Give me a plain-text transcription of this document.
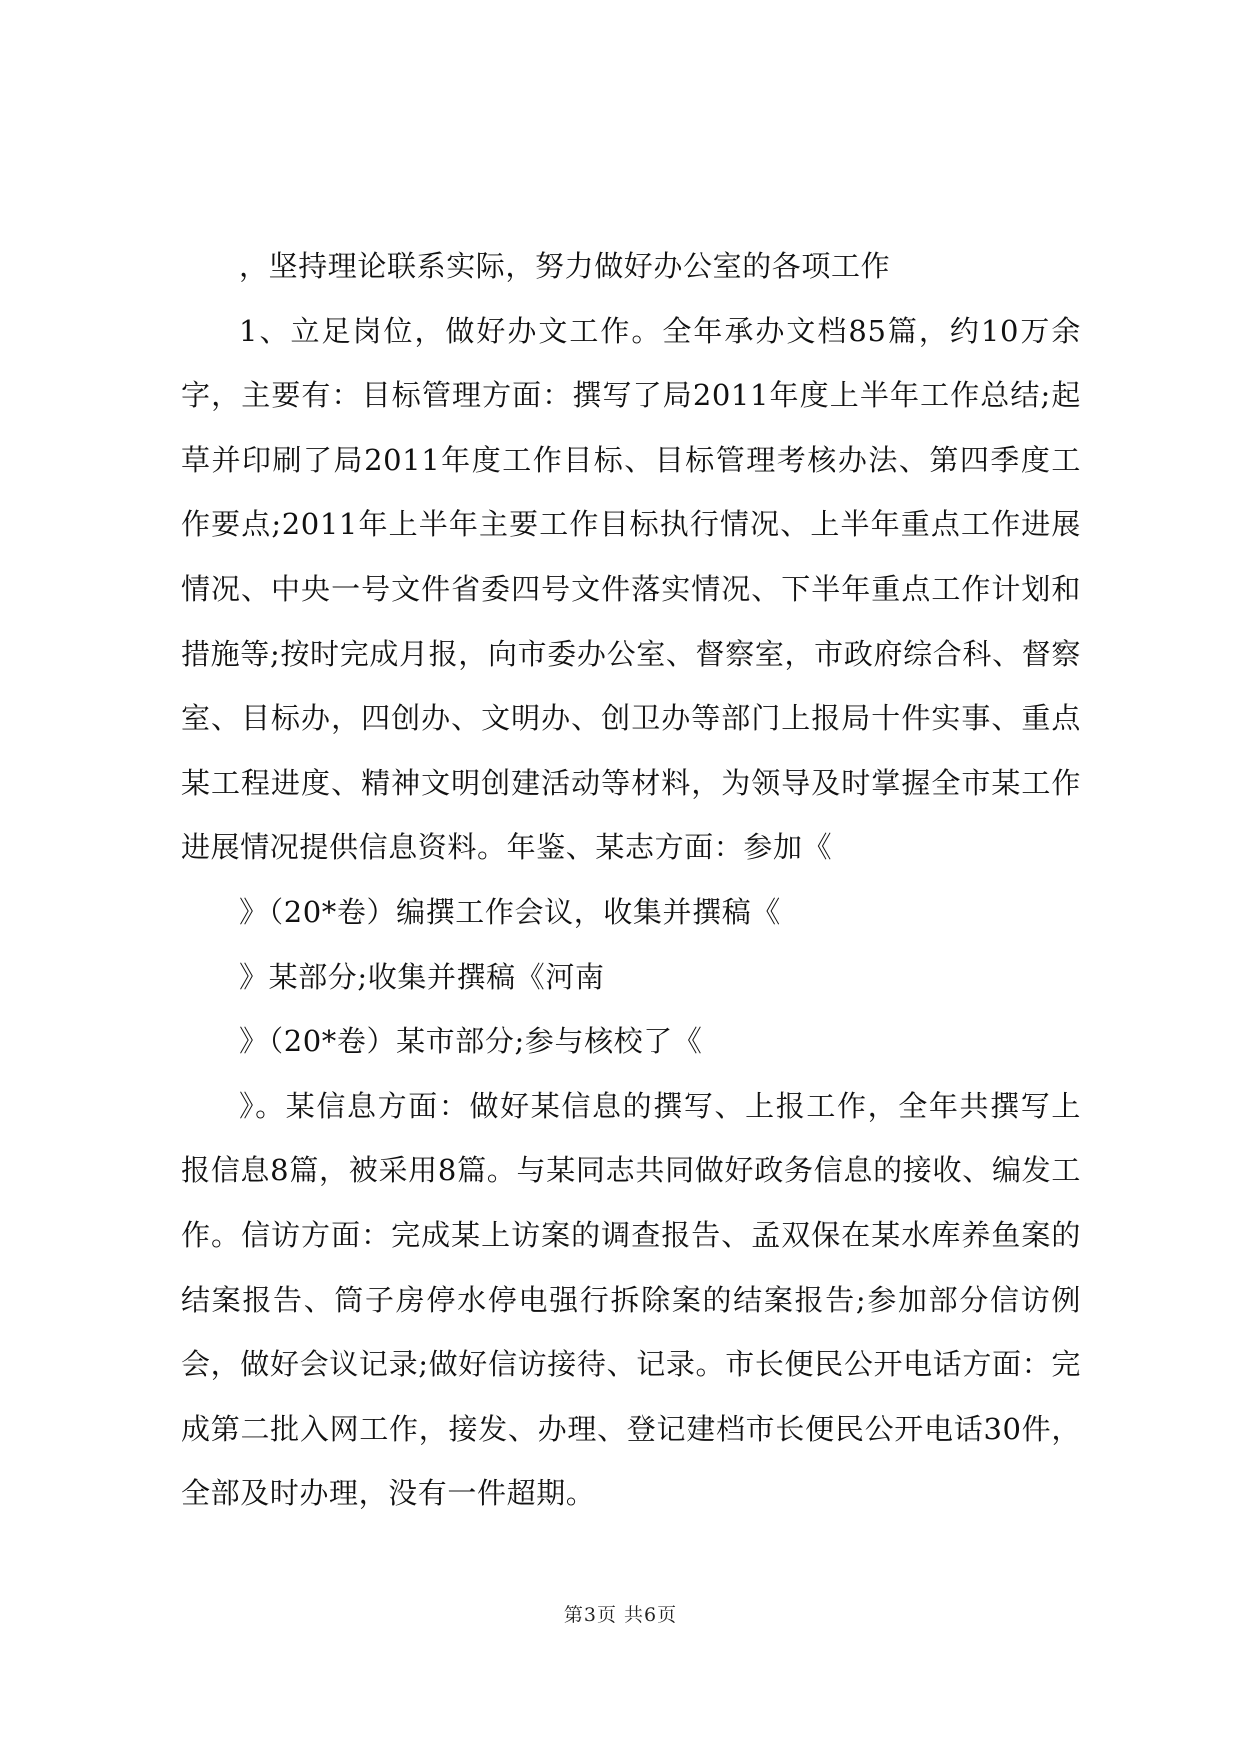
，坚持理论联系实际，努力做好办公室的各项工作

1、立足岗位，做好办文工作。全年承办文档85篇，约10万余字，主要有：目标管理方面：撰写了局2011年度上半年工作总结;起草并印刷了局2011年度工作目标、目标管理考核办法、第四季度工作要点;2011年上半年主要工作目标执行情况、上半年重点工作进展情况、中央一号文件省委四号文件落实情况、下半年重点工作计划和措施等;按时完成月报，向市委办公室、督察室，市政府综合科、督察室、目标办，四创办、文明办、创卫办等部门上报局十件实事、重点某工程进度、精神文明创建活动等材料，为领导及时掌握全市某工作进展情况提供信息资料。年鉴、某志方面：参加《

》（20*卷）编撰工作会议，收集并撰稿《

》某部分;收集并撰稿《河南

》（20*卷）某市部分;参与核校了《

》。某信息方面：做好某信息的撰写、上报工作，全年共撰写上报信息8篇，被采用8篇。与某同志共同做好政务信息的接收、编发工作。信访方面：完成某上访案的调查报告、孟双保在某水库养鱼案的结案报告、筒子房停水停电强行拆除案的结案报告;参加部分信访例会，做好会议记录;做好信访接待、记录。市长便民公开电话方面：完成第二批入网工作，接发、办理、登记建档市长便民公开电话30件，全部及时办理，没有一件超期。

第3页 共6页
